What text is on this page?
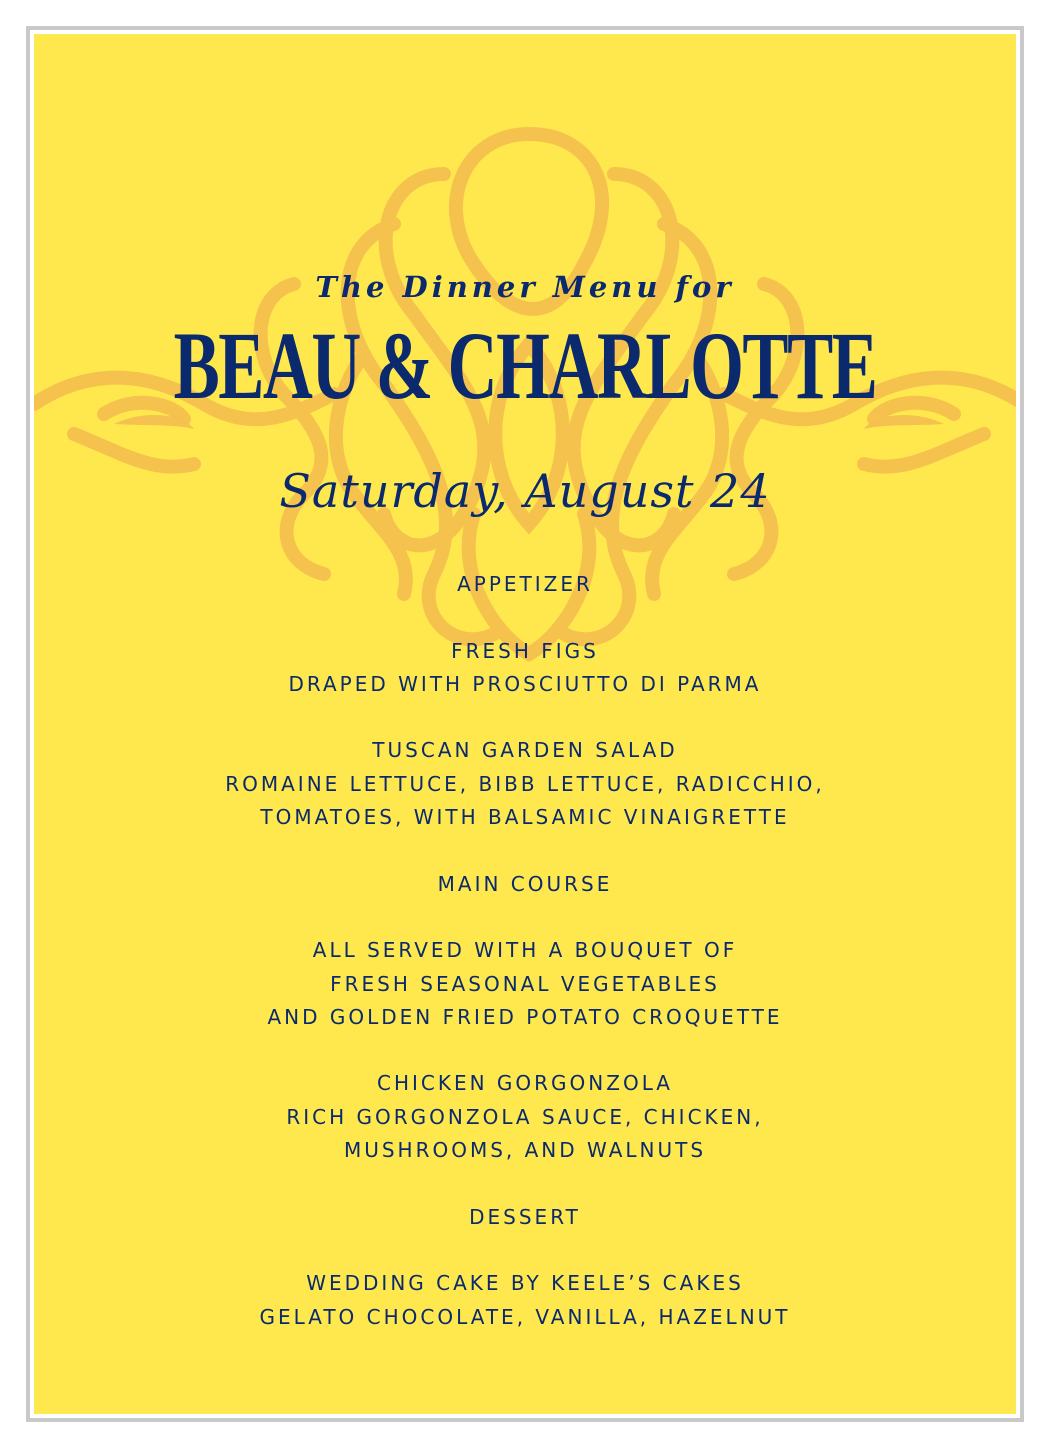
The Dinner Menu for
BEAU & CHARLOTTE
Saturday, August 24
APPETIZER
FRESH FIGS
DRAPED WITH PROSCIUTTO DI PARMA
TUSCAN GARDEN SALAD
ROMAINE LETTUCE, BIBB LETTUCE, RADICCHIO,
TOMATOES, WITH BALSAMIC VINAIGRETTE
MAIN COURSE
ALL SERVED WITH A BOUQUET OF
FRESH SEASONAL VEGETABLES
AND GOLDEN FRIED POTATO CROQUETTE
CHICKEN GORGONZOLA
RICH GORGONZOLA SAUCE, CHICKEN,
MUSHROOMS, AND WALNUTS
DESSERT
WEDDING CAKE BY KEELE’S CAKES
GELATO CHOCOLATE, VANILLA, HAZELNUT
